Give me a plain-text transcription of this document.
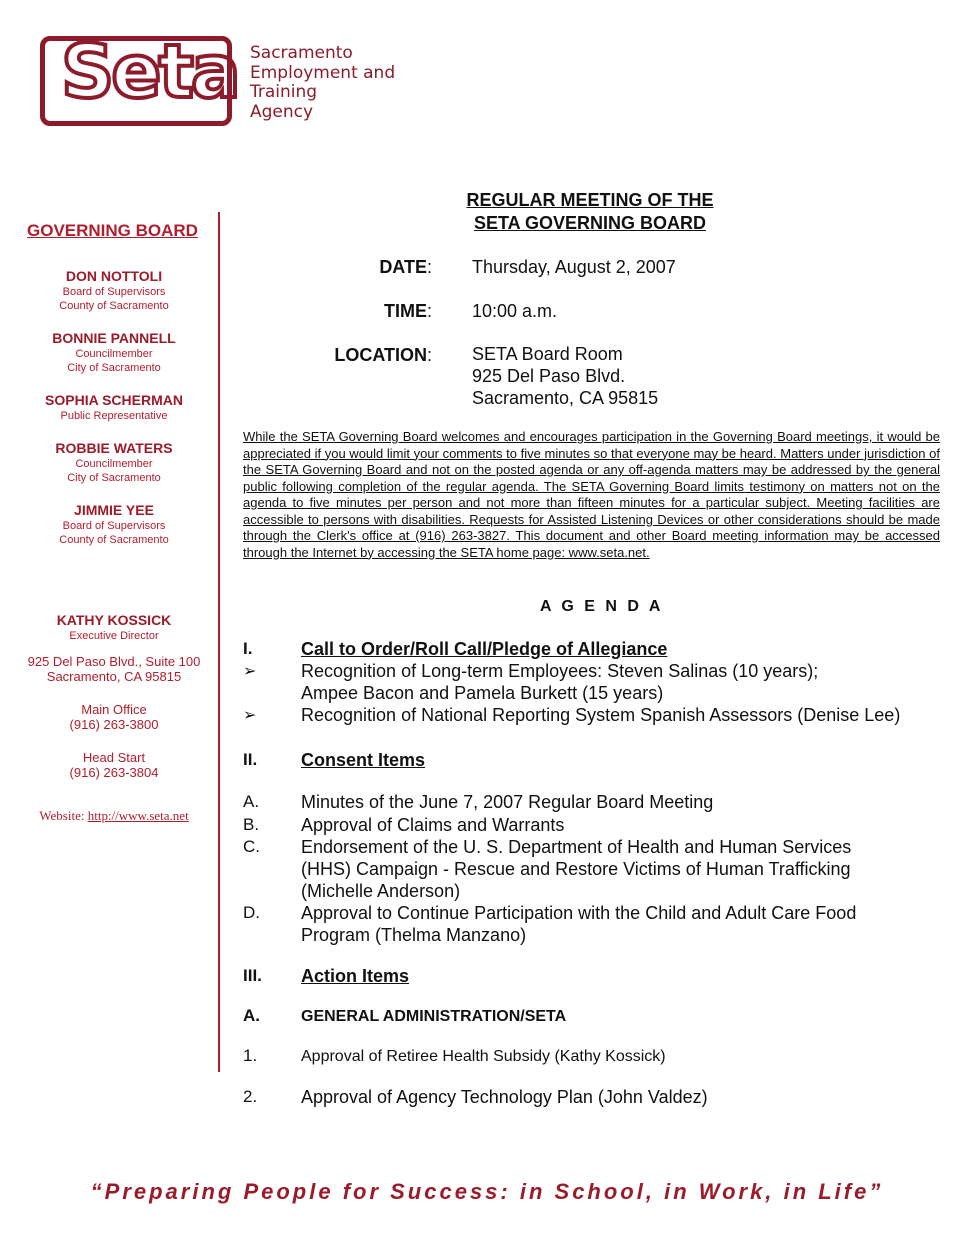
Seta Sacramento
Employment and
Training
Agency
GOVERNING BOARD
DON NOTTOLI
Board of Supervisors
County of Sacramento
BONNIE PANNELL
Councilmember
City of Sacramento
SOPHIA SCHERMAN
Public Representative
ROBBIE WATERS
Councilmember
City of Sacramento
JIMMIE YEE
Board of Supervisors
County of Sacramento
KATHY KOSSICK
Executive Director
925 Del Paso Blvd., Suite 100
Sacramento, CA 95815
Main Office
(916) 263-3800
Head Start
(916) 263-3804
Website: http://www.seta.net
REGULAR MEETING OF THE
SETA GOVERNING BOARD
DATE: Thursday, August 2, 2007
TIME: 10:00 a.m.
LOCATION: SETA Board Room
925 Del Paso Blvd.
Sacramento, CA 95815
While the SETA Governing Board welcomes and encourages participation in the Governing Board meetings, it would be appreciated if you would limit your comments to five minutes so that everyone may be heard. Matters under jurisdiction of the SETA Governing Board and not on the posted agenda or any off-agenda matters may be addressed by the general public following completion of the regular agenda. The SETA Governing Board limits testimony on matters not on the agenda to five minutes per person and not more than fifteen minutes for a particular subject. Meeting facilities are accessible to persons with disabilities. Requests for Assisted Listening Devices or other considerations should be made through the Clerk's office at (916) 263-3827. This document and other Board meeting information may be accessed through the Internet by accessing the SETA home page: www.seta.net.
A G E N D A
I.	Call to Order/Roll Call/Pledge of Allegiance
➢ Recognition of Long-term Employees: Steven Salinas (10 years);
Ampee Bacon and Pamela Burkett (15 years)
➢ Recognition of National Reporting System Spanish Assessors (Denise Lee)
II. Consent Items
A. Minutes of the June 7, 2007 Regular Board Meeting
B. Approval of Claims and Warrants
C. Endorsement of the U. S. Department of Health and Human Services
(HHS) Campaign - Rescue and Restore Victims of Human Trafficking
(Michelle Anderson)
D. Approval to Continue Participation with the Child and Adult Care Food
Program (Thelma Manzano)
III. Action Items
A.	GENERAL ADMINISTRATION/SETA
1.	Approval of Retiree Health Subsidy (Kathy Kossick)
2. Approval of Agency Technology Plan (John Valdez)
“Preparing People for Success: in School, in Work, in Life”
